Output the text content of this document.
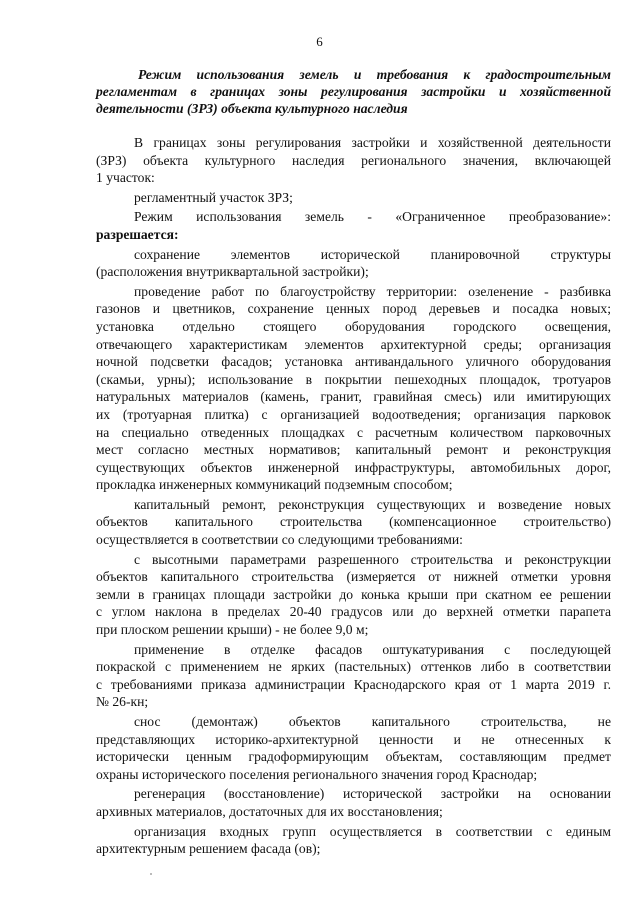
6
Режим использования земель и требования к градостроительным
регламентам в границах зоны регулирования застройки и хозяйственной
деятельности (ЗРЗ) объекта культурного наследия
В границах зоны регулирования застройки и хозяйственной деятельности
(ЗРЗ) объекта культурного наследия регионального значения, включающей
1 участок:
регламентный участок ЗРЗ;
Режим использования земель - «Ограниченное преобразование»:
разрешается:
сохранение элементов исторической планировочной структуры
(расположения внутриквартальной застройки);
проведение работ по благоустройству территории: озеленение - разбивка
газонов и цветников, сохранение ценных пород деревьев и посадка новых;
установка отдельно стоящего оборудования городского освещения,
отвечающего характеристикам элементов архитектурной среды; организация
ночной подсветки фасадов; установка антивандального уличного оборудования
(скамьи, урны); использование в покрытии пешеходных площадок, тротуаров
натуральных материалов (камень, гранит, гравийная смесь) или имитирующих
их (тротуарная плитка) с организацией водоотведения; организация парковок
на специально отведенных площадках с расчетным количеством парковочных
мест согласно местных нормативов; капитальный ремонт и реконструкция
существующих объектов инженерной инфраструктуры, автомобильных дорог,
прокладка инженерных коммуникаций подземным способом;
капитальный ремонт, реконструкция существующих и возведение новых
объектов капитального строительства (компенсационное строительство)
осуществляется в соответствии со следующими требованиями:
с высотными параметрами разрешенного строительства и реконструкции
объектов капитального строительства (измеряется от нижней отметки уровня
земли в границах площади застройки до конька крыши при скатном ее решении
с углом наклона в пределах 20-40 градусов или до верхней отметки парапета
при плоском решении крыши) - не более 9,0 м;
применение в отделке фасадов оштукатуривания с последующей
покраской с применением не ярких (пастельных) оттенков либо в соответствии
с требованиями приказа администрации Краснодарского края от 1 марта 2019 г.
№ 26-кн;
снос (демонтаж) объектов капитального строительства, не
представляющих историко-архитектурной ценности и не отнесенных к
исторически ценным градоформирующим объектам, составляющим предмет
охраны исторического поселения регионального значения город Краснодар;
регенерация (восстановление) исторической застройки на основании
архивных материалов, достаточных для их восстановления;
организация входных групп осуществляется в соответствии с единым
архитектурным решением фасада (ов);
